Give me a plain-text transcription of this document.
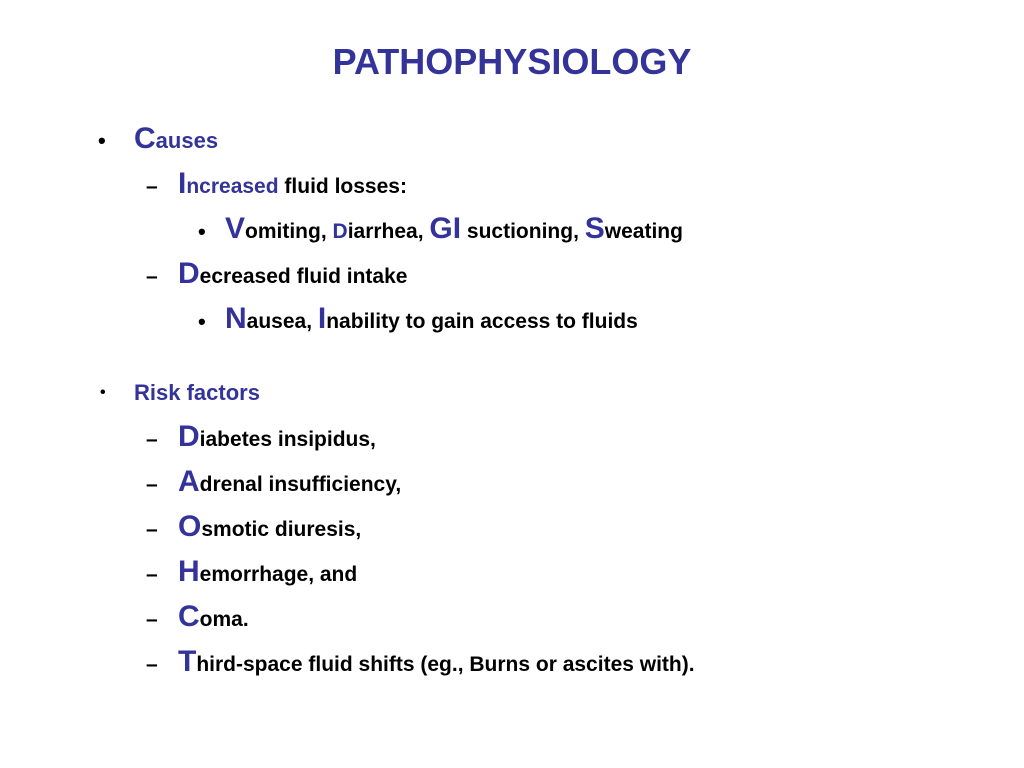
PATHOPHYSIOLOGY
• C auses
– I ncreased fluid losses:
• V omiting, D iarrhea, GI suctioning, S weating
– D ecreased fluid intake
• N ausea, I nability to gain access to fluids
• Risk factors
– D iabetes insipidus,
– A drenal insufficiency,
– O smotic diuresis,
– H emorrhage, and
– C oma.
– T hird-space fluid shifts (eg., Burns or ascites with).
